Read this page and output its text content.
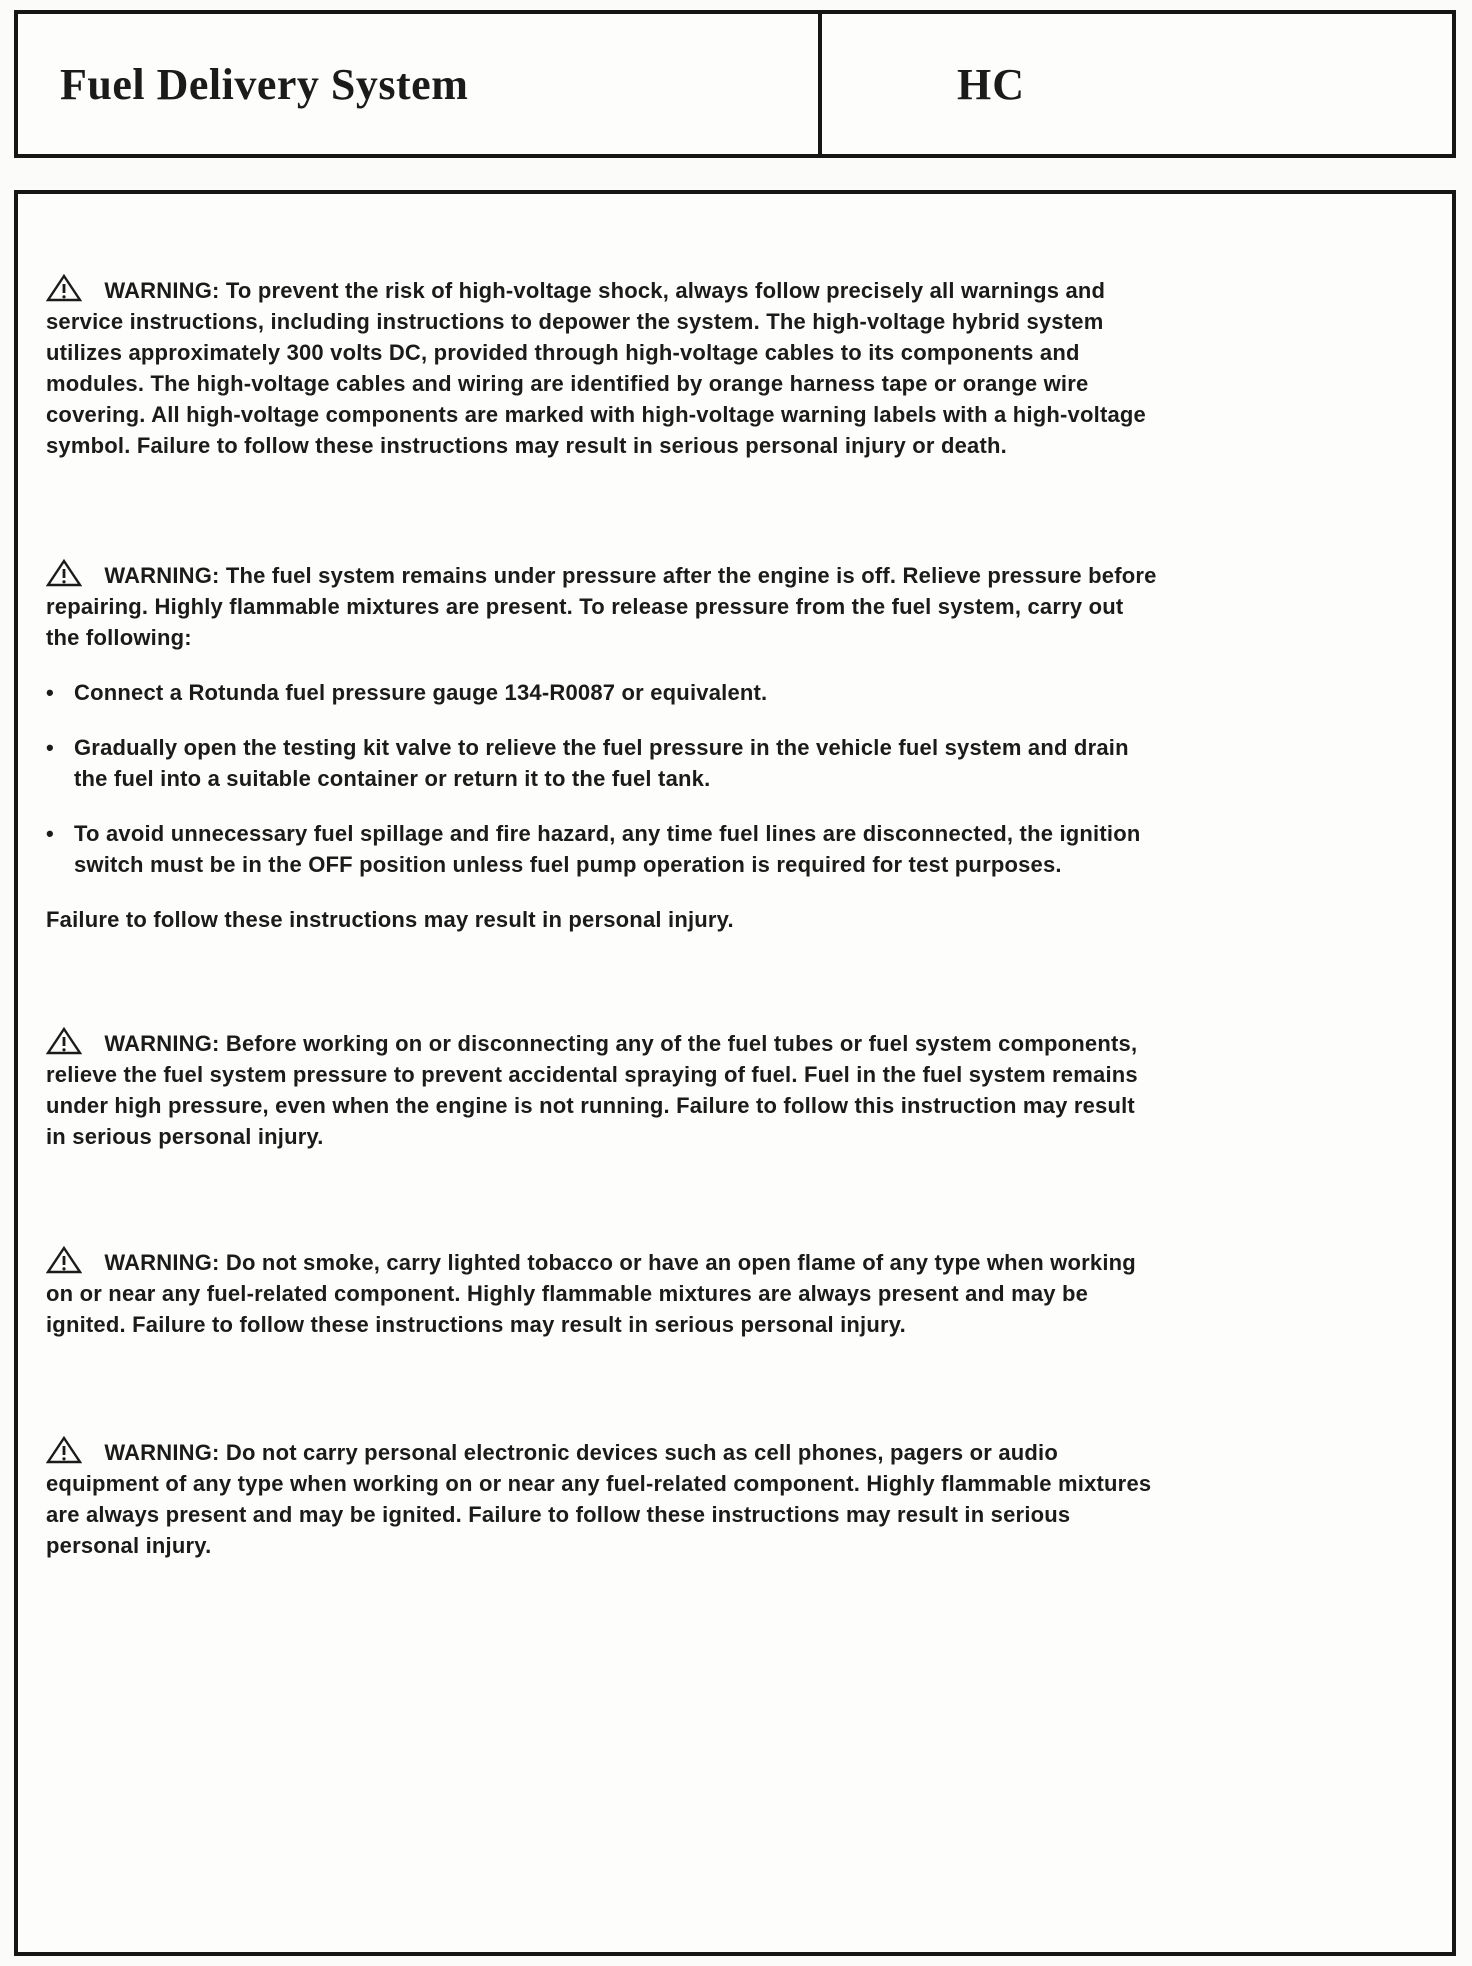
Fuel Delivery System	HC

WARNING: To prevent the risk of high-voltage shock, always follow precisely all warnings and service instructions, including instructions to depower the system. The high-voltage hybrid system utilizes approximately 300 volts DC, provided through high-voltage cables to its components and modules. The high-voltage cables and wiring are identified by orange harness tape or orange wire covering. All high-voltage components are marked with high-voltage warning labels with a high-voltage symbol. Failure to follow these instructions may result in serious personal injury or death.

WARNING: The fuel system remains under pressure after the engine is off. Relieve pressure before repairing. Highly flammable mixtures are present. To release pressure from the fuel system, carry out the following:

• Connect a Rotunda fuel pressure gauge 134-R0087 or equivalent.
• Gradually open the testing kit valve to relieve the fuel pressure in the vehicle fuel system and drain the fuel into a suitable container or return it to the fuel tank.
• To avoid unnecessary fuel spillage and fire hazard, any time fuel lines are disconnected, the ignition switch must be in the OFF position unless fuel pump operation is required for test purposes.

Failure to follow these instructions may result in personal injury.

WARNING: Before working on or disconnecting any of the fuel tubes or fuel system components, relieve the fuel system pressure to prevent accidental spraying of fuel. Fuel in the fuel system remains under high pressure, even when the engine is not running. Failure to follow this instruction may result in serious personal injury.

WARNING: Do not smoke, carry lighted tobacco or have an open flame of any type when working on or near any fuel-related component. Highly flammable mixtures are always present and may be ignited. Failure to follow these instructions may result in serious personal injury.

WARNING: Do not carry personal electronic devices such as cell phones, pagers or audio equipment of any type when working on or near any fuel-related component. Highly flammable mixtures are always present and may be ignited. Failure to follow these instructions may result in serious personal injury.
